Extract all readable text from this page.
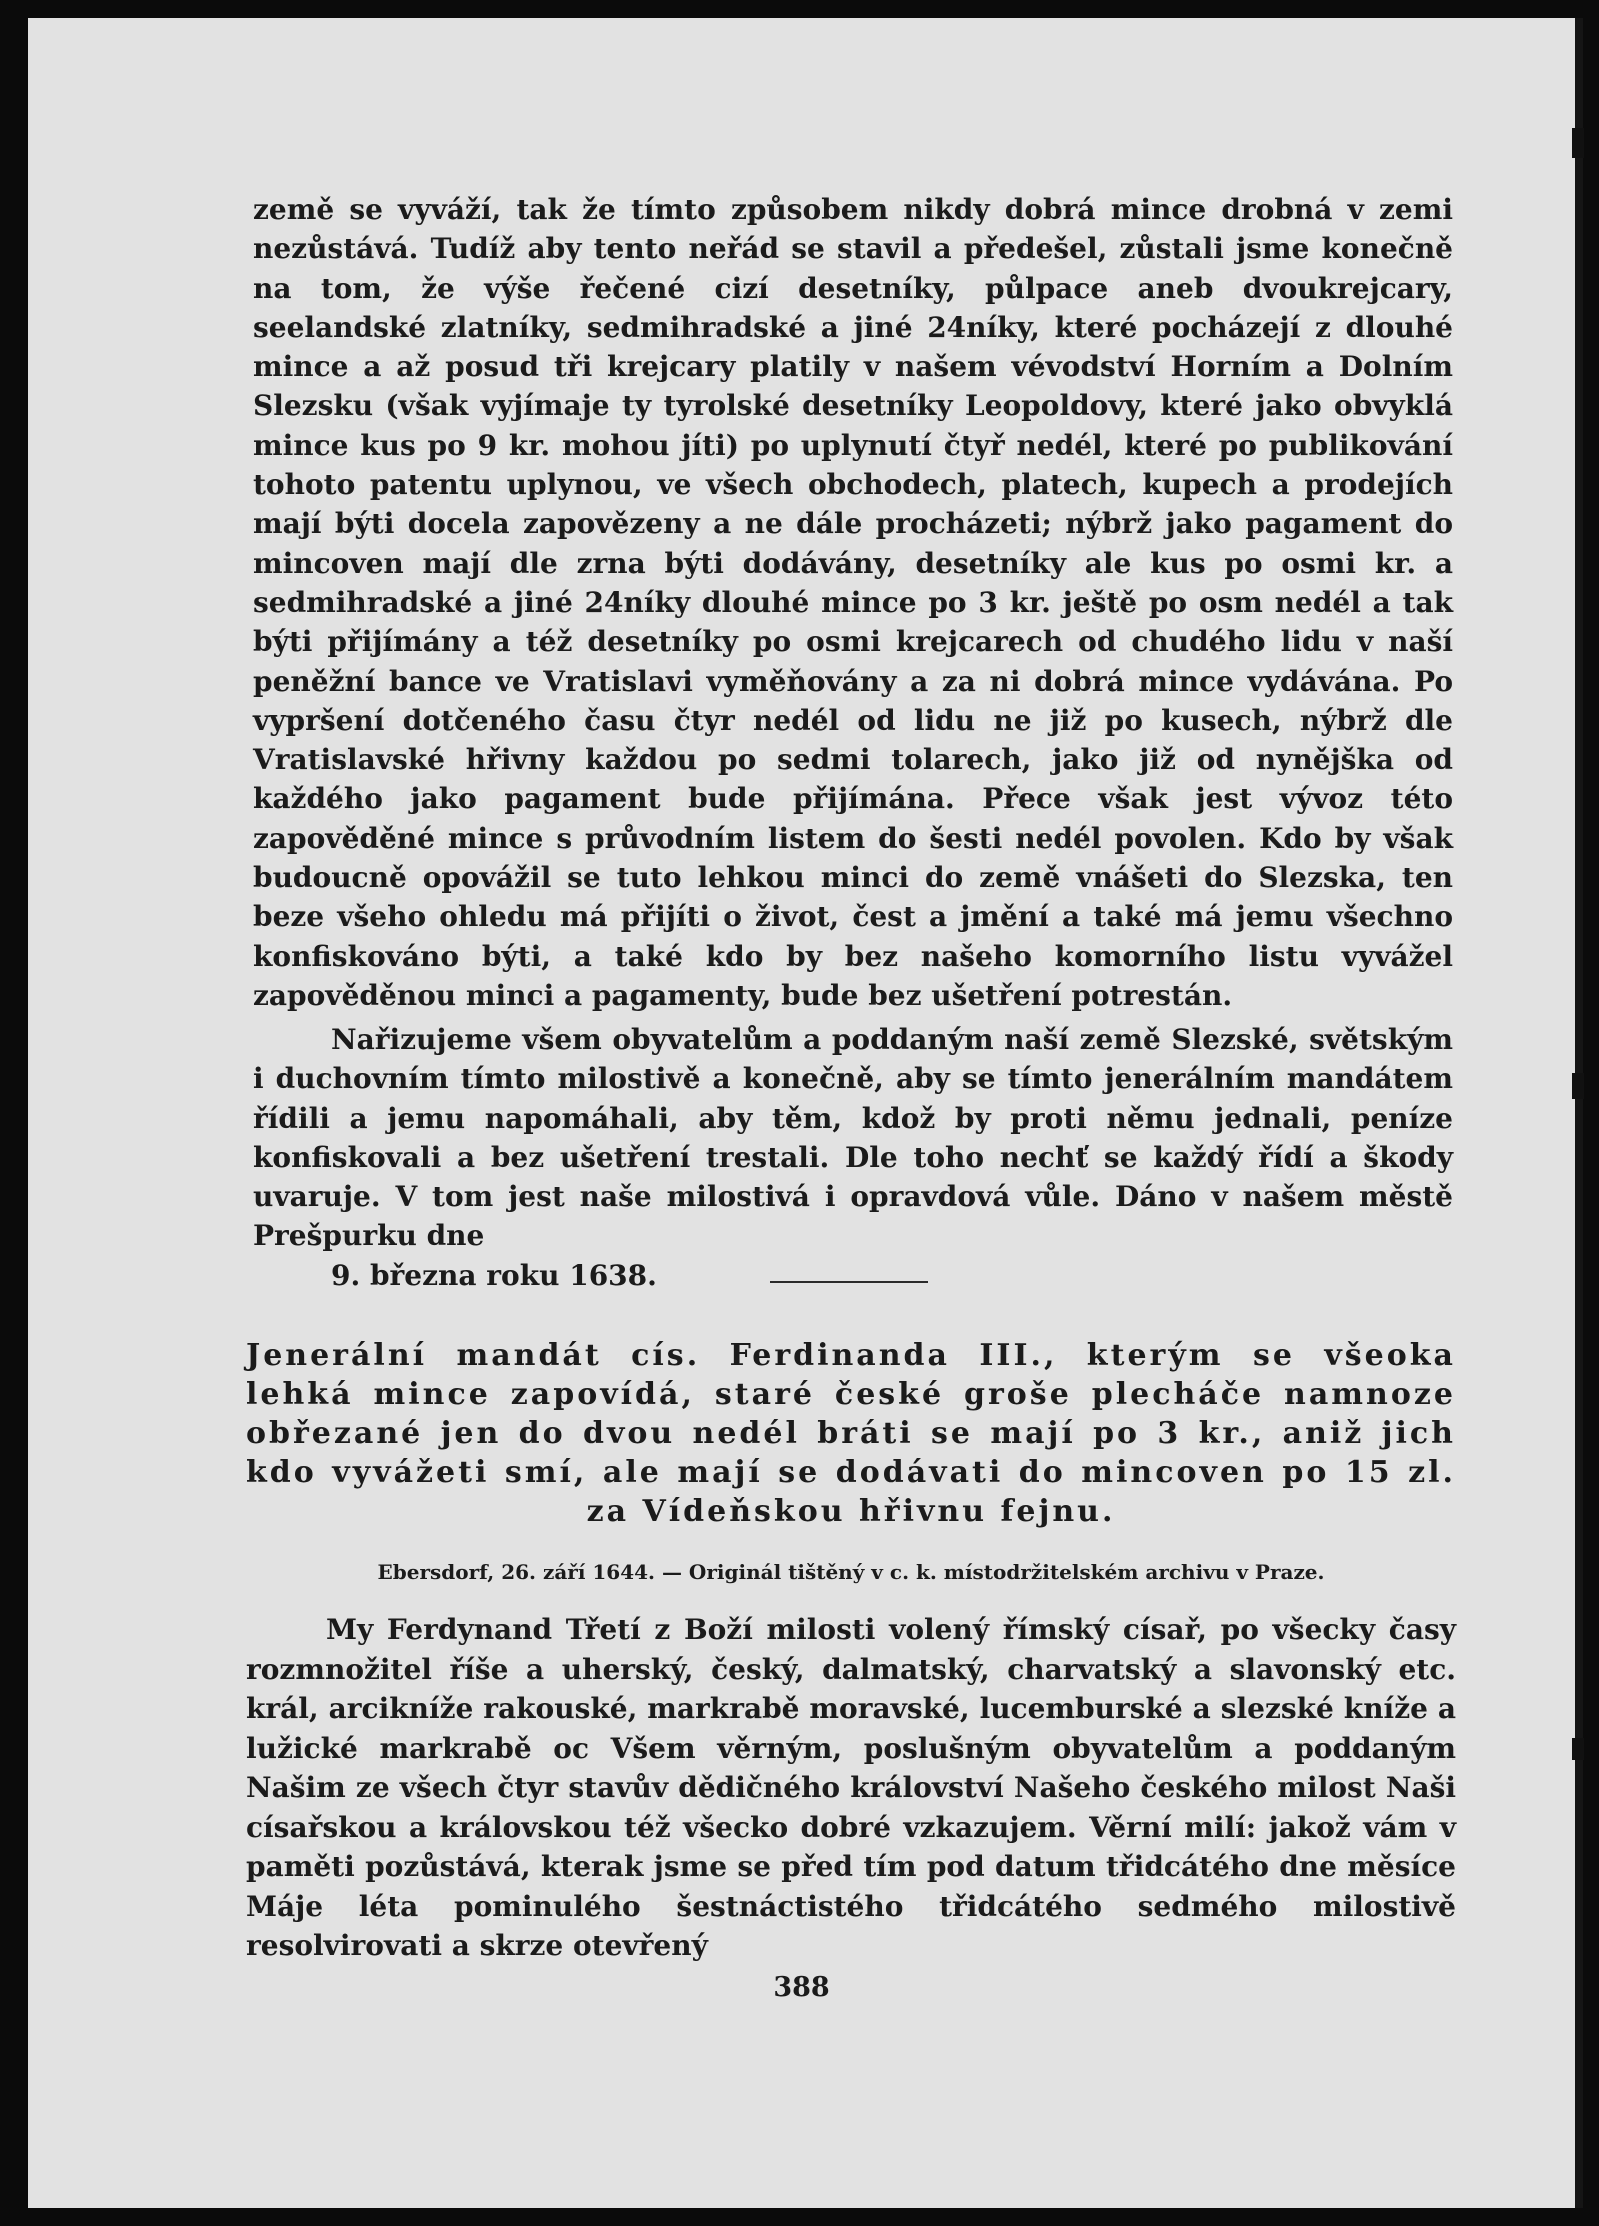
země se vyváží, tak že tímto způsobem nikdy dobrá mince drobná v zemi nezůstává. Tudíž aby tento neřád se stavil a předešel, zůstali jsme konečně na tom, že výše řečené cizí desetníky, půlpace aneb dvoukrejcary, seelandské zlatníky, sedmihradské a jiné 24níky, které pocházejí z dlouhé mince a až posud tři krejcary platily v našem vévodství Horním a Dolním Slezsku (však vyjímaje ty tyrolské desetníky Leopoldovy, které jako obvyklá mince kus po 9 kr. mohou jíti) po uplynutí čtyř nedél, které po publikování tohoto patentu uplynou, ve všech obchodech, platech, kupech a prodejích mají býti docela zapovězeny a ne dále procházeti; nýbrž jako pagament do mincoven mají dle zrna býti dodávány, desetníky ale kus po osmi kr. a sedmihradské a jiné 24níky dlouhé mince po 3 kr. ještě po osm nedél a tak býti přijímány a též desetníky po osmi krejcarech od chudého lidu v naší peněžní bance ve Vratislavi vyměňovány a za ni dobrá mince vydávána. Po vypršení dotčeného času čtyr nedél od lidu ne již po kusech, nýbrž dle Vratislavské hřivny každou po sedmi tolarech, jako již od nynějška od každého jako pagament bude přijímána. Přece však jest vývoz této zapověděné mince s průvodním listem do šesti nedél povolen. Kdo by však budoucně opovážil se tuto lehkou minci do země vnášeti do Slezska, ten beze všeho ohledu má přijíti o život, čest a jmění a také má jemu všechno konfiskováno býti, a také kdo by bez našeho komorního listu vyvážel zapověděnou minci a pagamenty, bude bez ušetření potrestán.

Nařizujeme všem obyvatelům a poddaným naší země Slezské, světským i duchovním tímto milostivě a konečně, aby se tímto jenerálním mandátem řídili a jemu napomáhali, aby těm, kdož by proti němu jednali, peníze konfiskovali a bez ušetření trestali. Dle toho nechť se každý řídí a škody uvaruje. V tom jest naše milostivá i opravdová vůle. Dáno v našem městě Prešpurku dne
9. března roku 1638.

Jenerální mandát cís. Ferdinanda III., kterým se všeoka lehká mince zapovídá, staré české groše plecháče namnoze obřezané jen do dvou nedél bráti se mají po 3 kr., aniž jich kdo vyvážeti smí, ale mají se dodávati do mincoven po 15 zl. za Vídeňskou hřivnu fejnu.

Ebersdorf, 26. září 1644. — Originál tištěný v c. k. místodržitelském archivu v Praze.

My Ferdynand Třetí z Boží milosti volený římský císař, po všecky časy rozmnožitel říše a uherský, český, dalmatský, charvatský a slavonský etc. král, arcikníže rakouské, markrabě moravské, lucemburské a slezské kníže a lužické markrabě oc Všem věrným, poslušným obyvatelům a poddaným Našim ze všech čtyr stavův dědičného království Našeho českého milost Naši císařskou a královskou též všecko dobré vzkazujem. Věrní milí: jakož vám v paměti pozůstává, kterak jsme se před tím pod datum třidcátého dne měsíce Máje léta pominulého šestnáctistého třidcátého sedmého milostivě resolvirovati a skrze otevřený

388
